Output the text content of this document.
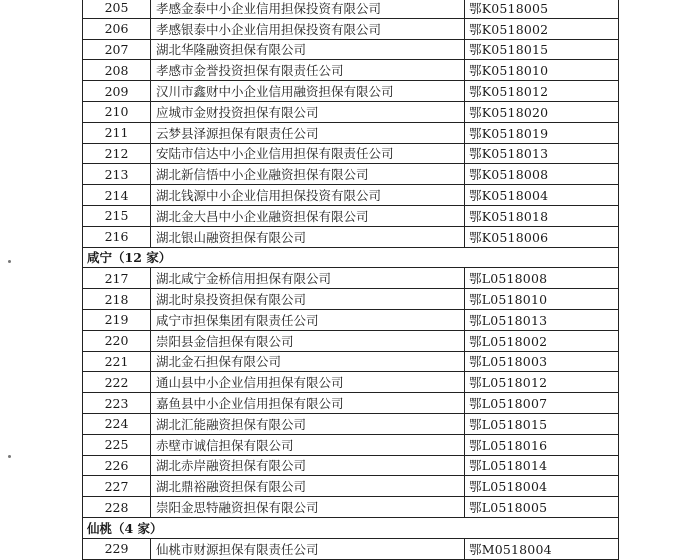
205	孝感金泰中小企业信用担保投资有限公司	鄂K0518005
206	孝感银泰中小企业信用担保投资有限公司	鄂K0518002
207	湖北华隆融资担保有限公司	鄂K0518015
208	孝感市金誉投资担保有限责任公司	鄂K0518010
209	汉川市鑫财中小企业信用融资担保有限公司	鄂K0518012
210	应城市金财投资担保有限公司	鄂K0518020
211	云梦县泽源担保有限责任公司	鄂K0518019
212	安陆市信达中小企业信用担保有限责任公司	鄂K0518013
213	湖北新信悟中小企业融资担保有限公司	鄂K0518008
214	湖北钱源中小企业信用担保投资有限公司	鄂K0518004
215	湖北金大昌中小企业融资担保有限公司	鄂K0518018
216	湖北银山融资担保有限公司	鄂K0518006
咸宁（12 家）		
217	湖北咸宁金桥信用担保有限公司	鄂L0518008
218	湖北时泉投资担保有限公司	鄂L0518010
219	咸宁市担保集团有限责任公司	鄂L0518013
220	崇阳县金信担保有限公司	鄂L0518002
221	湖北金石担保有限公司	鄂L0518003
222	通山县中小企业信用担保有限公司	鄂L0518012
223	嘉鱼县中小企业信用担保有限公司	鄂L0518007
224	湖北汇能融资担保有限公司	鄂L0518015
225	赤壁市诚信担保有限公司	鄂L0518016
226	湖北赤岸融资担保有限公司	鄂L0518014
227	湖北鼎裕融资担保有限公司	鄂L0518004
228	崇阳金思特融资担保有限公司	鄂L0518005
仙桃（4 家）		
229	仙桃市财源担保有限责任公司	鄂M0518004
